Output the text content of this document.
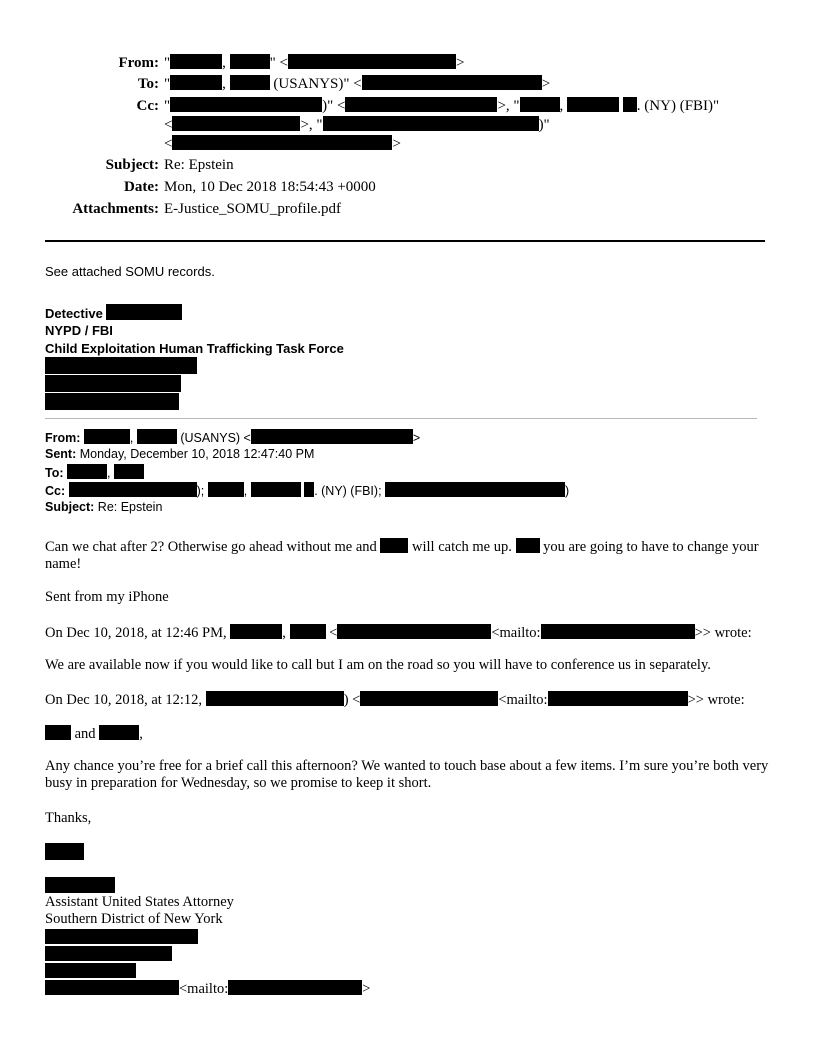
From: "	,	" <	>
To: "	,	(USANYS)" <	>
Cc: "	)" <	>, "	,	. (NY) (FBI)"
<	>, "	)"
<	>
Subject: Re: Epstein
Date: Mon, 10 Dec 2018 18:54:43 +0000
Attachments: E-Justice_SOMU_profile.pdf
See attached SOMU records.
Detective
NYPD / FBI
Child Exploitation Human Trafficking Task Force
From:	,	(USANYS) <	>
Sent: Monday, December 10, 2018 12:47:40 PM
To:	,
Cc:	);	,	. (NY) (FBI);	)
Subject: Re: Epstein
Can we chat after 2? Otherwise go ahead without me and will catch me up. you are going to have to change your name!
Sent from my iPhone
On Dec 10, 2018, at 12:46 PM,	,  <	<mailto:	>> wrote:
We are available now if you would like to call but I am on the road so you will have to conference us in separately.
On Dec 10, 2018, at 12:12,	) <	<mailto:	>> wrote:
and	,
Any chance you’re free for a brief call this afternoon? We wanted to touch base about a few items. I’m sure you’re both very busy in preparation for Wednesday, so we promise to keep it short.
Thanks,
Assistant United States Attorney
Southern District of New York
<mailto:	>
